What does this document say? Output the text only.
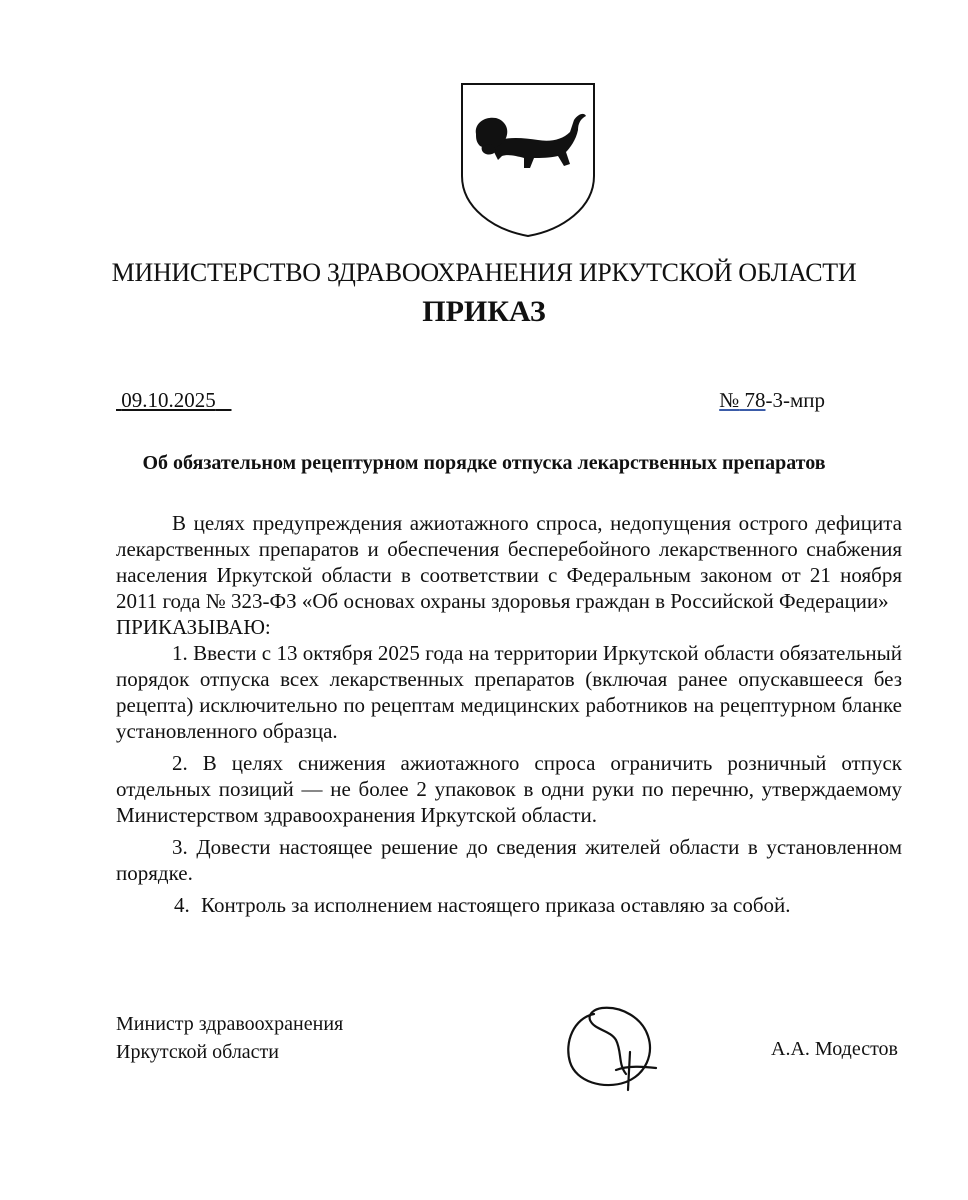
МИНИСТЕРСТВО ЗДРАВООХРАНЕНИЯ ИРКУТСКОЙ ОБЛАСТИ
ПРИКАЗ
09.10.2025	№ 78-3-мпр
Об обязательном рецептурном порядке отпуска лекарственных препаратов

В целях предупреждения ажиотажного спроса, недопущения острого дефицита лекарственных препаратов и обеспечения бесперебойного лекарственного снабжения населения Иркутской области в соответствии с Федеральным законом от 21 ноября 2011 года № 323-ФЗ «Об основах охраны здоровья граждан в Российской Федерации»

ПРИКАЗЫВАЮ:

1. Ввести с 13 октября 2025 года на территории Иркутской области обязательный порядок отпуска всех лекарственных препаратов (включая ранее опускавшееся без рецепта) исключительно по рецептам медицинских работников на рецептурном бланке установленного образца.

2. В целях снижения ажиотажного спроса ограничить розничный отпуск отдельных позиций — не более 2 упаковок в одни руки по перечню, утверждаемому Министерством здравоохранения Иркутской области.

3. Довести настоящее решение до сведения жителей области в установленном порядке.

4. Контроль за исполнением настоящего приказа оставляю за собой.

Министр здравоохранения
Иркутской области	А.А. Модестов
